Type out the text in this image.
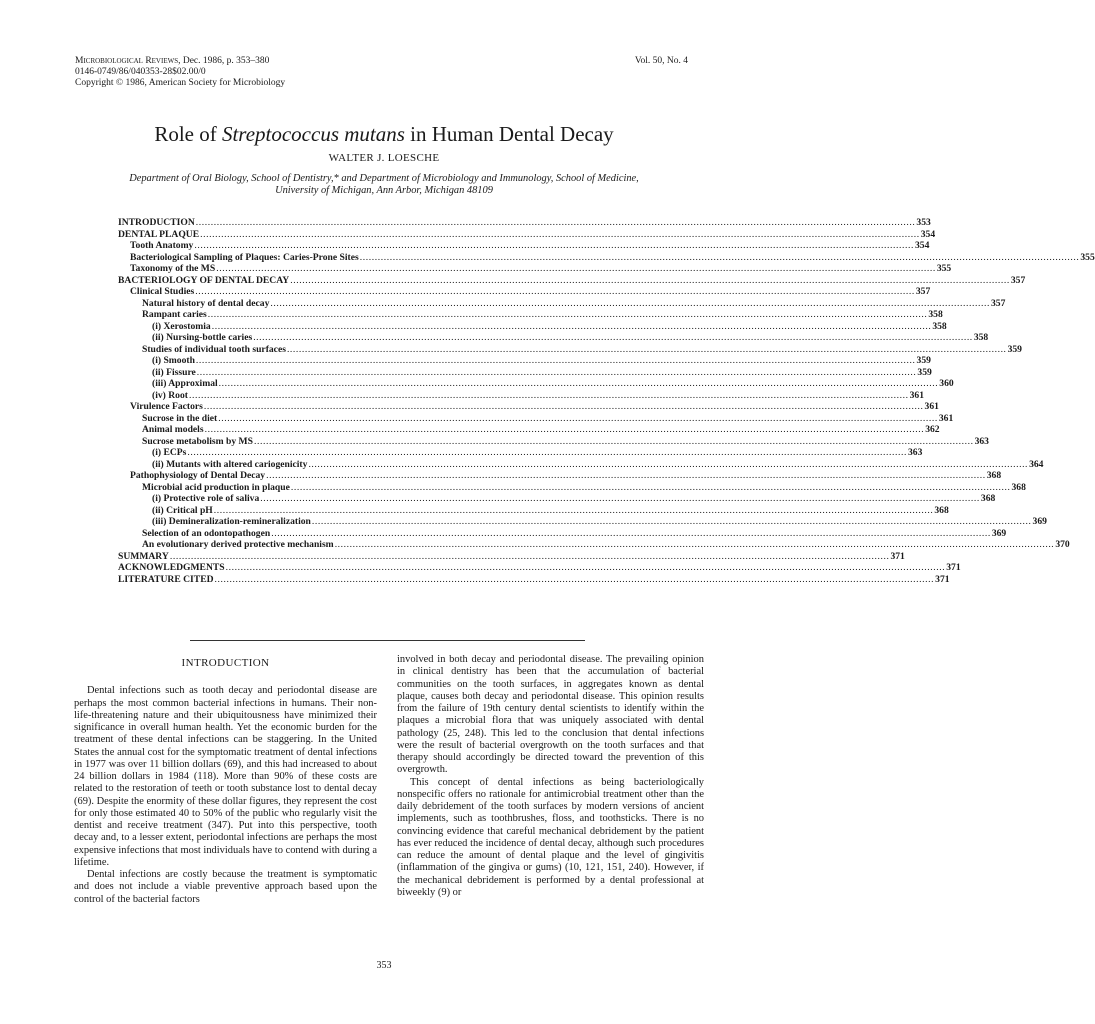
Microbiological Reviews, Dec. 1986, p. 353–380
0146-0749/86/040353-28$02.00/0
Copyright © 1986, American Society for Microbiology
Vol. 50, No. 4
Role of Streptococcus mutans in Human Dental Decay
WALTER J. LOESCHE
Department of Oral Biology, School of Dentistry,* and Department of Microbiology and Immunology, School of Medicine, University of Michigan, Ann Arbor, Michigan 48109
INTRODUCTION ................................................................................................................................................................................................................................................ 353
DENTAL PLAQUE ................................................................................................................................................................................................................................................ 354
Tooth Anatomy ................................................................................................................................................................................................................................................ 354
Bacteriological Sampling of Plaques: Caries-Prone Sites ................................................................................................................................................................................................................................................ 355
Taxonomy of the MS ................................................................................................................................................................................................................................................ 355
BACTERIOLOGY OF DENTAL DECAY ................................................................................................................................................................................................................................................ 357
Clinical Studies ................................................................................................................................................................................................................................................ 357
Natural history of dental decay ................................................................................................................................................................................................................................................ 357
Rampant caries ................................................................................................................................................................................................................................................ 358
(i) Xerostomia ................................................................................................................................................................................................................................................ 358
(ii) Nursing-bottle caries ................................................................................................................................................................................................................................................ 358
Studies of individual tooth surfaces ................................................................................................................................................................................................................................................ 359
(i) Smooth ................................................................................................................................................................................................................................................ 359
(ii) Fissure ................................................................................................................................................................................................................................................ 359
(iii) Approximal ................................................................................................................................................................................................................................................ 360
(iv) Root ................................................................................................................................................................................................................................................ 361
Virulence Factors ................................................................................................................................................................................................................................................ 361
Sucrose in the diet ................................................................................................................................................................................................................................................ 361
Animal models ................................................................................................................................................................................................................................................ 362
Sucrose metabolism by MS ................................................................................................................................................................................................................................................ 363
(i) ECPs ................................................................................................................................................................................................................................................ 363
(ii) Mutants with altered cariogenicity ................................................................................................................................................................................................................................................ 364
Pathophysiology of Dental Decay ................................................................................................................................................................................................................................................ 368
Microbial acid production in plaque ................................................................................................................................................................................................................................................ 368
(i) Protective role of saliva ................................................................................................................................................................................................................................................ 368
(ii) Critical pH ................................................................................................................................................................................................................................................ 368
(iii) Demineralization-remineralization ................................................................................................................................................................................................................................................ 369
Selection of an odontopathogen ................................................................................................................................................................................................................................................ 369
An evolutionary derived protective mechanism ................................................................................................................................................................................................................................................ 370
SUMMARY ................................................................................................................................................................................................................................................ 371
ACKNOWLEDGMENTS ................................................................................................................................................................................................................................................ 371
LITERATURE CITED ................................................................................................................................................................................................................................................ 371
INTRODUCTION

Dental infections such as tooth decay and periodontal disease are perhaps the most common bacterial infections in humans. Their non-life-threatening nature and their ubiquitousness have minimized their significance in overall human health. Yet the economic burden for the treatment of these dental infections can be staggering. In the United States the annual cost for the symptomatic treatment of dental infections in 1977 was over 11 billion dollars (69), and this had increased to about 24 billion dollars in 1984 (118). More than 90% of these costs are related to the restoration of teeth or tooth substance lost to dental decay (69). Despite the enormity of these dollar figures, they represent the cost for only those estimated 40 to 50% of the public who regularly visit the dentist and receive treatment (347). Put into this perspective, tooth decay and, to a lesser extent, periodontal infections are perhaps the most expensive infections that most individuals have to contend with during a lifetime.

Dental infections are costly because the treatment is symptomatic and does not include a viable preventive approach based upon the control of the bacterial factors

involved in both decay and periodontal disease. The prevailing opinion in clinical dentistry has been that the accumulation of bacterial communities on the tooth surfaces, in aggregates known as dental plaque, causes both decay and periodontal disease. This opinion results from the failure of 19th century dental scientists to identify within the plaques a microbial flora that was uniquely associated with dental pathology (25, 248). This led to the conclusion that dental infections were the result of bacterial overgrowth on the tooth surfaces and that therapy should accordingly be directed toward the prevention of this overgrowth.

This concept of dental infections as being bacteriologically nonspecific offers no rationale for antimicrobial treatment other than the daily debridement of the tooth surfaces by modern versions of ancient implements, such as toothbrushes, floss, and toothsticks. There is no convincing evidence that careful mechanical debridement by the patient has ever reduced the incidence of dental decay, although such procedures can reduce the amount of dental plaque and the level of gingivitis (inflammation of the gingiva or gums) (10, 121, 151, 240). However, if the mechanical debridement is performed by a dental professional at biweekly (9) or

353
